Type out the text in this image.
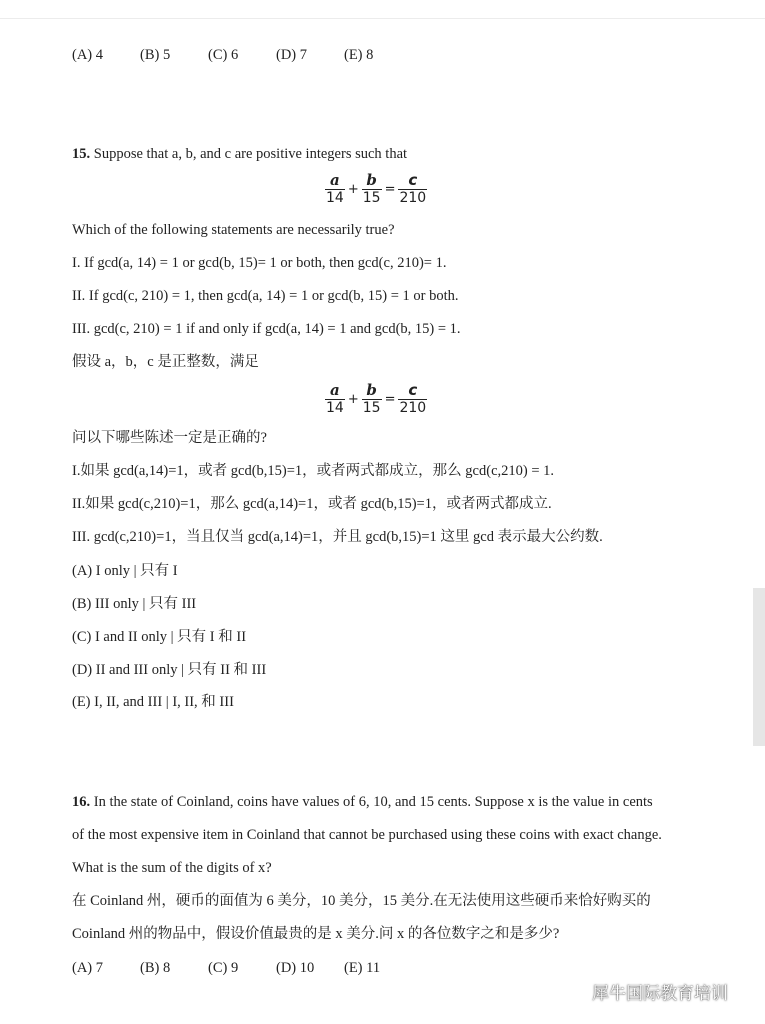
(A) 4	(B) 5	(C) 6	(D) 7	(E) 8
15. Suppose that a, b, and c are positive integers such that
$\frac{a}{14} + \frac{b}{15} = \frac{c}{210}$
Which of the following statements are necessarily true?
I. If gcd(a, 14) = 1 or gcd(b, 15)= 1 or both, then gcd(c, 210)= 1.
II. If gcd(c, 210) = 1, then gcd(a, 14) = 1 or gcd(b, 15) = 1 or both.
III. gcd(c, 210) = 1 if and only if gcd(a, 14) = 1 and gcd(b, 15) = 1.
假设 a，b，c 是正整数，满足
$\frac{a}{14} + \frac{b}{15} = \frac{c}{210}$
问以下哪些陈述一定是正确的?
I.如果 gcd(a,14)=1，或者 gcd(b,15)=1，或者两式都成立，那么 gcd(c,210) = 1.
II.如果 gcd(c,210)=1，那么 gcd(a,14)=1，或者 gcd(b,15)=1，或者两式都成立.
III. gcd(c,210)=1，当且仅当 gcd(a,14)=1，并且 gcd(b,15)=1 这里 gcd 表示最大公约数.
(A) I only | 只有 I
(B) III only | 只有 III
(C) I and II only | 只有 I 和 II
(D) II and III only | 只有 II 和 III
(E) I, II, and III | I, II, 和 III
16. In the state of Coinland, coins have values of 6, 10, and 15 cents. Suppose x is the value in cents
of the most expensive item in Coinland that cannot be purchased using these coins with exact change.
What is the sum of the digits of x?
在 Coinland 州，硬币的面值为 6 美分，10 美分，15 美分.在无法使用这些硬币来恰好购买的
Coinland 州的物品中，假设价值最贵的是 x 美分.问 x 的各位数字之和是多少?
(A) 7	(B) 8	(C) 9	(D) 10 (E) 11
犀牛国际教育培训
